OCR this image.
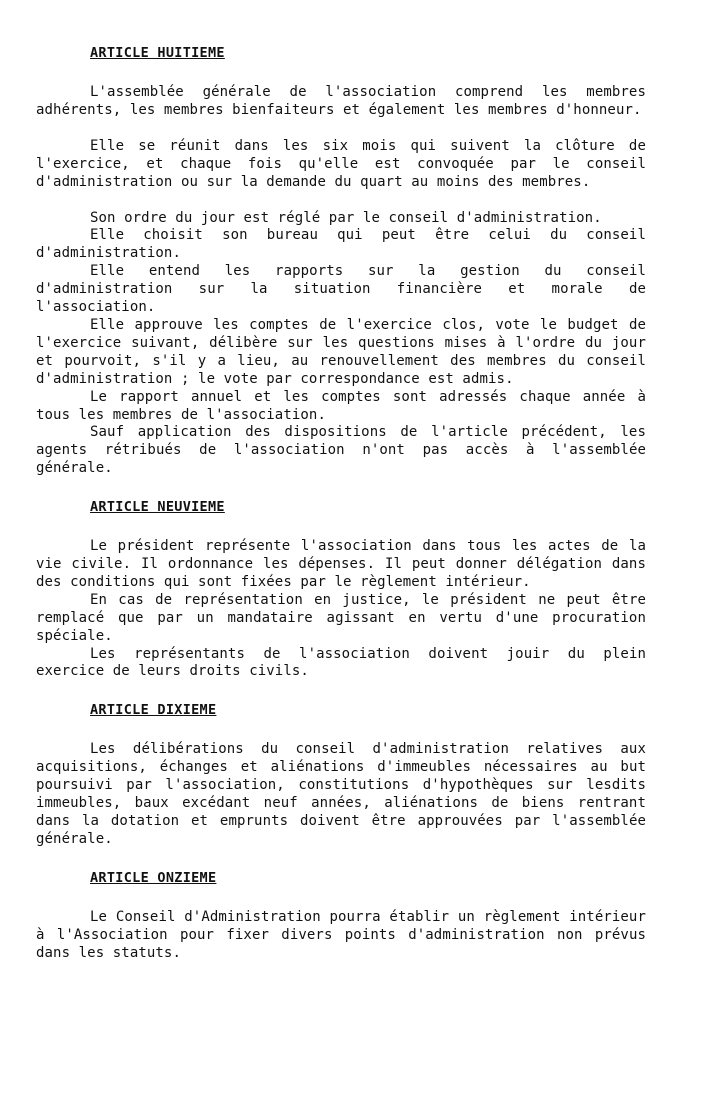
ARTICLE HUITIEME

L'assemblée générale de l'association comprend les membres adhérents, les membres bienfaiteurs et également les membres d'honneur.

Elle se réunit dans les six mois qui suivent la clôture de l'exercice, et chaque fois qu'elle est convoquée par le conseil d'administration ou sur la demande du quart au moins des membres.

Son ordre du jour est réglé par le conseil d'administration.

Elle choisit son bureau qui peut être celui du conseil d'administration.

Elle entend les rapports sur la gestion du conseil d'administration sur la situation financière et morale de l'association.

Elle approuve les comptes de l'exercice clos, vote le budget de l'exercice suivant, délibère sur les questions mises à l'ordre du jour et pourvoit, s'il y a lieu, au renouvellement des membres du conseil d'administration ; le vote par correspondance est admis.

Le rapport annuel et les comptes sont adressés chaque année à tous les membres de l'association.

Sauf application des dispositions de l'article précédent, les agents rétribués de l'association n'ont pas accès à l'assemblée générale.

ARTICLE NEUVIEME

Le président représente l'association dans tous les actes de la vie civile. Il ordonnance les dépenses. Il peut donner délégation dans des conditions qui sont fixées par le règlement intérieur.

En cas de représentation en justice, le président ne peut être remplacé que par un mandataire agissant en vertu d'une procuration spéciale.

Les représentants de l'association doivent jouir du plein exercice de leurs droits civils.

ARTICLE DIXIEME

Les délibérations du conseil d'administration relatives aux acquisitions, échanges et aliénations d'immeubles nécessaires au but poursuivi par l'association, constitutions d'hypothèques sur lesdits immeubles, baux excédant neuf années, aliénations de biens rentrant dans la dotation et emprunts doivent être approuvées par l'assemblée générale.

ARTICLE ONZIEME

Le Conseil d'Administration pourra établir un règlement intérieur à l'Association pour fixer divers points d'administration non prévus dans les statuts.
